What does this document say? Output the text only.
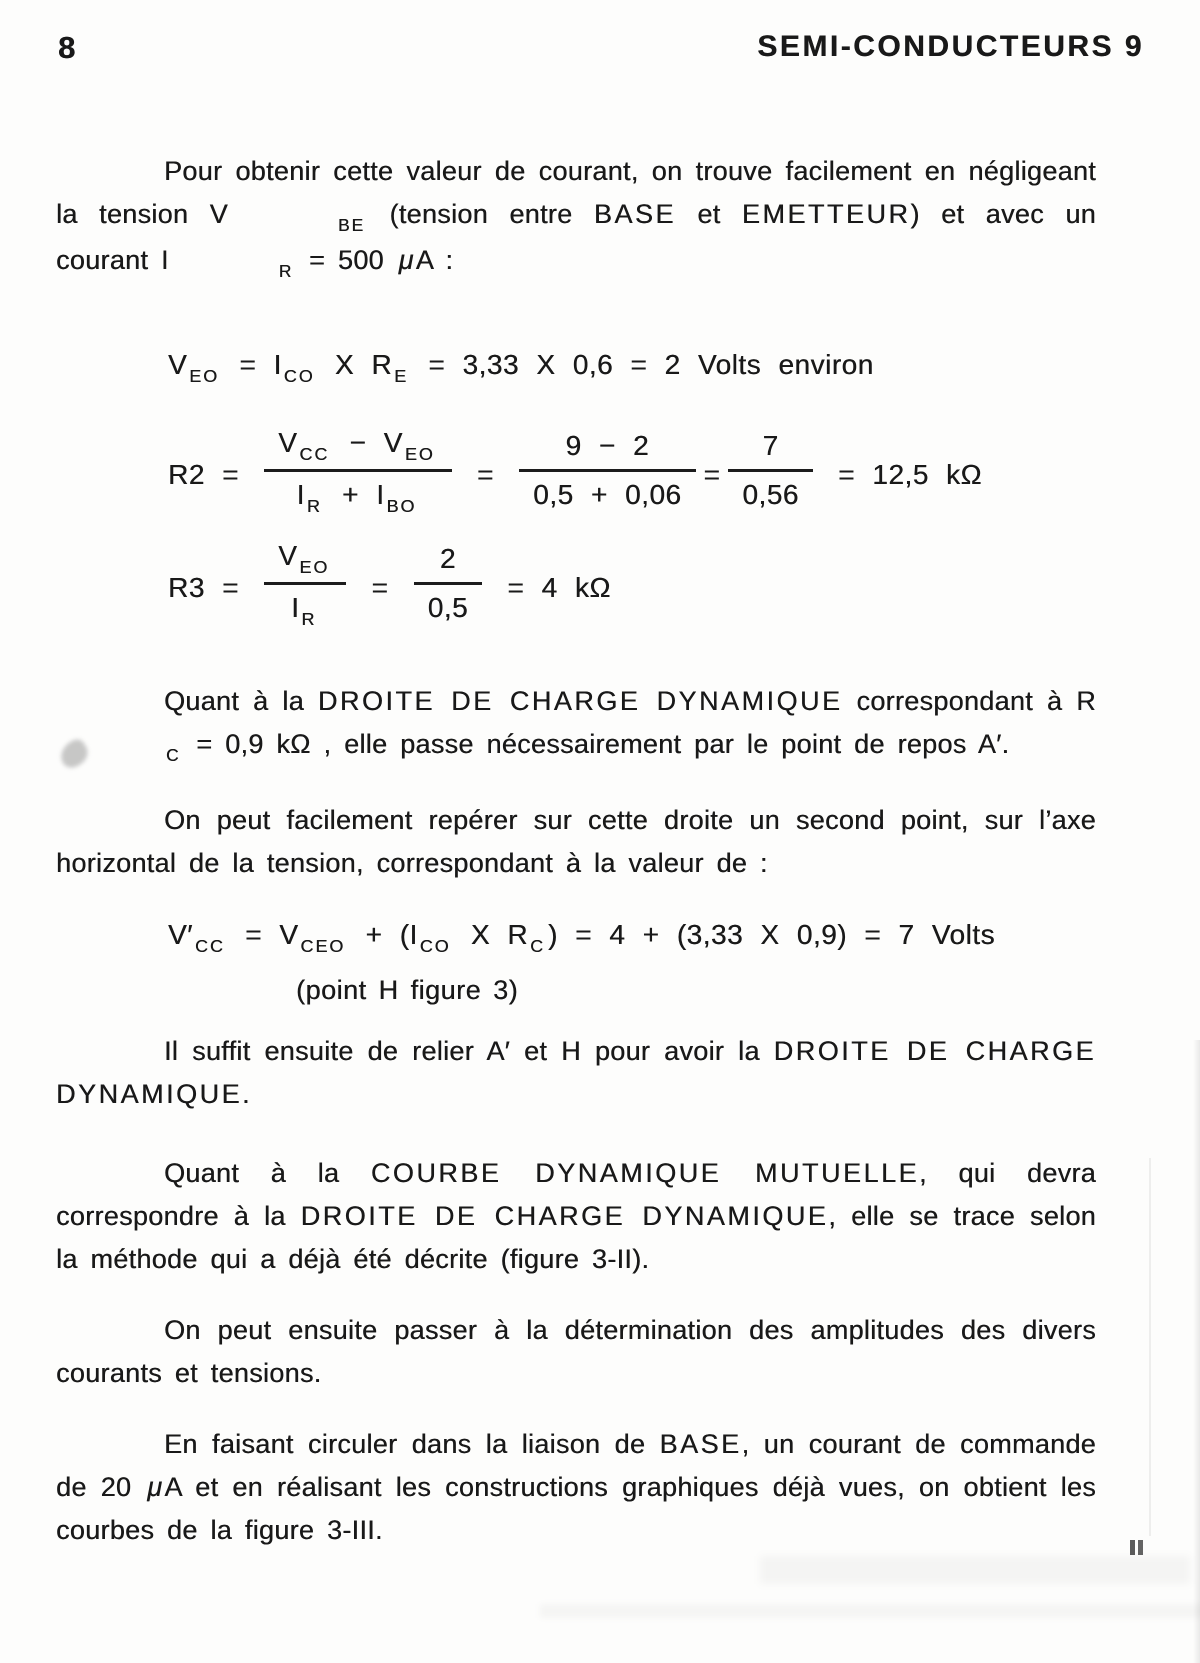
8	SEMI-CONDUCTEURS 9

Pour obtenir cette valeur de courant, on trouve facilement en négligeant la tension V	BE (tension entre BASE et EMETTEUR) et avec un courant I	R = 500 μA :

V EO = I CO X R E = 3,33 X 0,6 = 2 Volts environ
$R2 = \frac{\text{V CC − V EO}}{\text{I R + I BO}} = \frac{9 - 2}{0,5 + 0,06} = \frac{7}{0,56} = 12,5$ kΩ
$R3 = \frac{\text{V EO}}{\text{I R}} = \frac{2}{0,5} = 4$ kΩ

Quant à la DROITE DE CHARGE DYNAMIQUE correspondant à RC = 0,9 kΩ , elle passe nécessairement par le point de repos A′.

On peut facilement repérer sur cette droite un second point, sur l’axe horizontal de la tension, correspondant à la valeur de :

V′ CC = V CEO + (I CO X R C ) = 4 + (3,33 X 0,9) = 7 Volts
(point H figure 3)

Il suffit ensuite de relier A′ et H pour avoir la DROITE DE CHARGE DYNAMIQUE.

Quant à la COURBE DYNAMIQUE MUTUELLE, qui devra correspondre à la DROITE DE CHARGE DYNAMIQUE, elle se trace selon la méthode qui a déjà été décrite (figure 3-II).

On peut ensuite passer à la détermination des amplitudes des divers courants et tensions.

En faisant circuler dans la liaison de BASE, un courant de commande de 20 μA et en réalisant les constructions graphiques déjà vues, on obtient les courbes de la figure 3-III.
